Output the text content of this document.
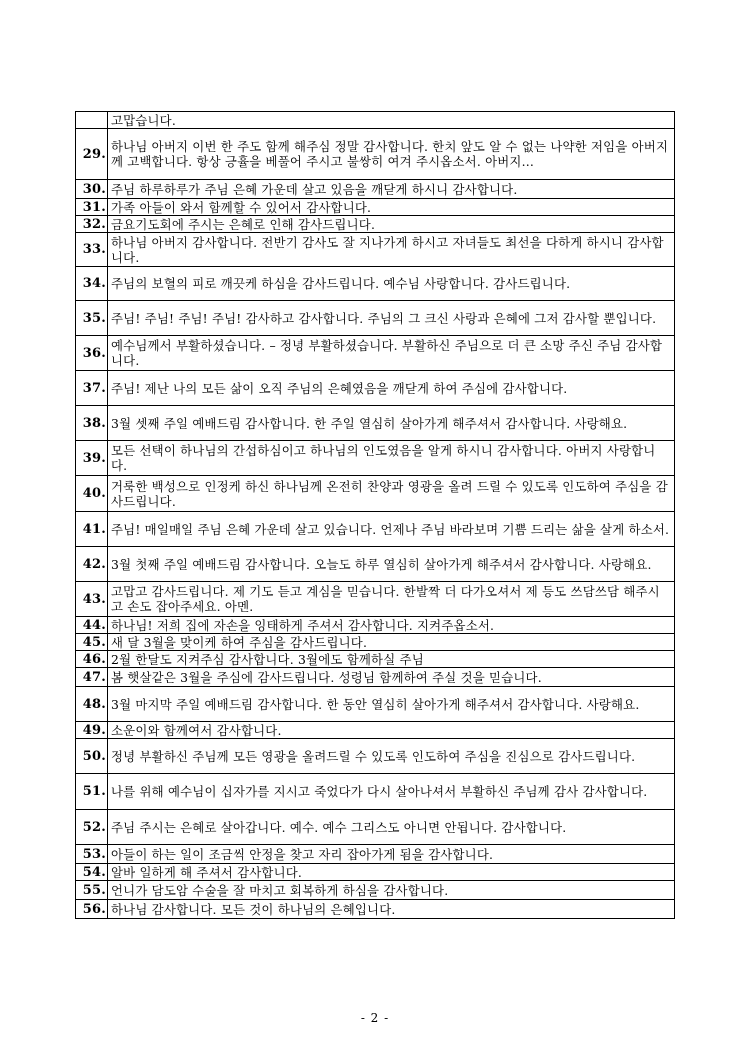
	고맙습니다.
29.	하나님 아버지 이번 한 주도 함께 해주심 정말 감사합니다. 한치 앞도 알 수 없는 나약한 저임을 아버지께 고백합니다. 항상 긍휼을 베풀어 주시고 불쌍히 여겨 주시옵소서. 아버지...
30.	주님 하루하루가 주님 은혜 가운데 살고 있음을 깨닫게 하시니 감사합니다.
31.	가족 아들이 와서 함께할 수 있어서 감사합니다.
32.	금요기도회에 주시는 은혜로 인해 감사드립니다.
33.	하나님 아버지 감사합니다. 전반기 감사도 잘 지나가게 하시고 자녀들도 최선을 다하게 하시니 감사합니다.
34.	주님의 보혈의 피로 깨끗케 하심을 감사드립니다. 예수님 사랑합니다. 감사드립니다.
35.	주님! 주님! 주님! 주님! 감사하고 감사합니다. 주님의 그 크신 사랑과 은혜에 그저 감사할 뿐입니다.
36.	예수님께서 부활하셨습니다. – 정녕 부활하셨습니다. 부활하신 주님으로 더 큰 소망 주신 주님 감사합니다.
37.	주님! 제난 나의 모든 삶이 오직 주님의 은혜였음을 깨닫게 하여 주심에 감사합니다.
38.	3월 셋째 주일 예배드림 감사합니다. 한 주일 열심히 살아가게 해주셔서 감사합니다. 사랑해요.
39.	모든 선택이 하나님의 간섭하심이고 하나님의 인도였음을 알게 하시니 감사합니다. 아버지 사랑합니다.
40.	거룩한 백성으로 인정케 하신 하나님께 온전히 찬양과 영광을 올려 드릴 수 있도록 인도하여 주심을 감사드립니다.
41.	주님! 매일매일 주님 은혜 가운데 살고 있습니다. 언제나 주님 바라보며 기쁨 드리는 삶을 살게 하소서.
42.	3월 첫째 주일 예배드림 감사합니다. 오늘도 하루 열심히 살아가게 해주셔서 감사합니다. 사랑해요.
43.	고맙고 감사드립니다. 제 기도 듣고 계심을 믿습니다. 한발짝 더 다가오셔서 제 등도 쓰담쓰담 해주시고 손도 잡아주세요. 아멘.
44.	하나님! 저희 집에 자손을 잉태하게 주셔서 감사합니다. 지켜주옵소서.
45.	새 달 3월을 맞이케 하여 주심을 감사드립니다.
46.	2월 한달도 지켜주심 감사합니다. 3월에도 함께하실 주님
47.	봄 햇살같은 3월을 주심에 감사드립니다. 성령님 함께하여 주실 것을 믿습니다.
48.	3월 마지막 주일 예배드림 감사합니다. 한 동안 열심히 살아가게 해주셔서 감사합니다. 사랑해요.
49.	소운이와 함께여서 감사합니다.
50.	정녕 부활하신 주님께 모든 영광을 올려드릴 수 있도록 인도하여 주심을 진심으로 감사드립니다.
51.	나를 위해 예수님이 십자가를 지시고 죽었다가 다시 살아나셔서 부활하신 주님께 감사 감사합니다.
52.	주님 주시는 은혜로 살아갑니다. 예수. 예수 그리스도 아니면 안됩니다. 감사합니다.
53.	아들이 하는 일이 조금씩 안정을 찾고 자리 잡아가게 됨을 감사합니다.
54.	알바 일하게 해 주셔서 감사합니다.
55.	언니가 담도암 수술을 잘 마치고 회복하게 하심을 감사합니다.
56.	하나님 감사합니다. 모든 것이 하나님의 은혜입니다.
- 2 -
